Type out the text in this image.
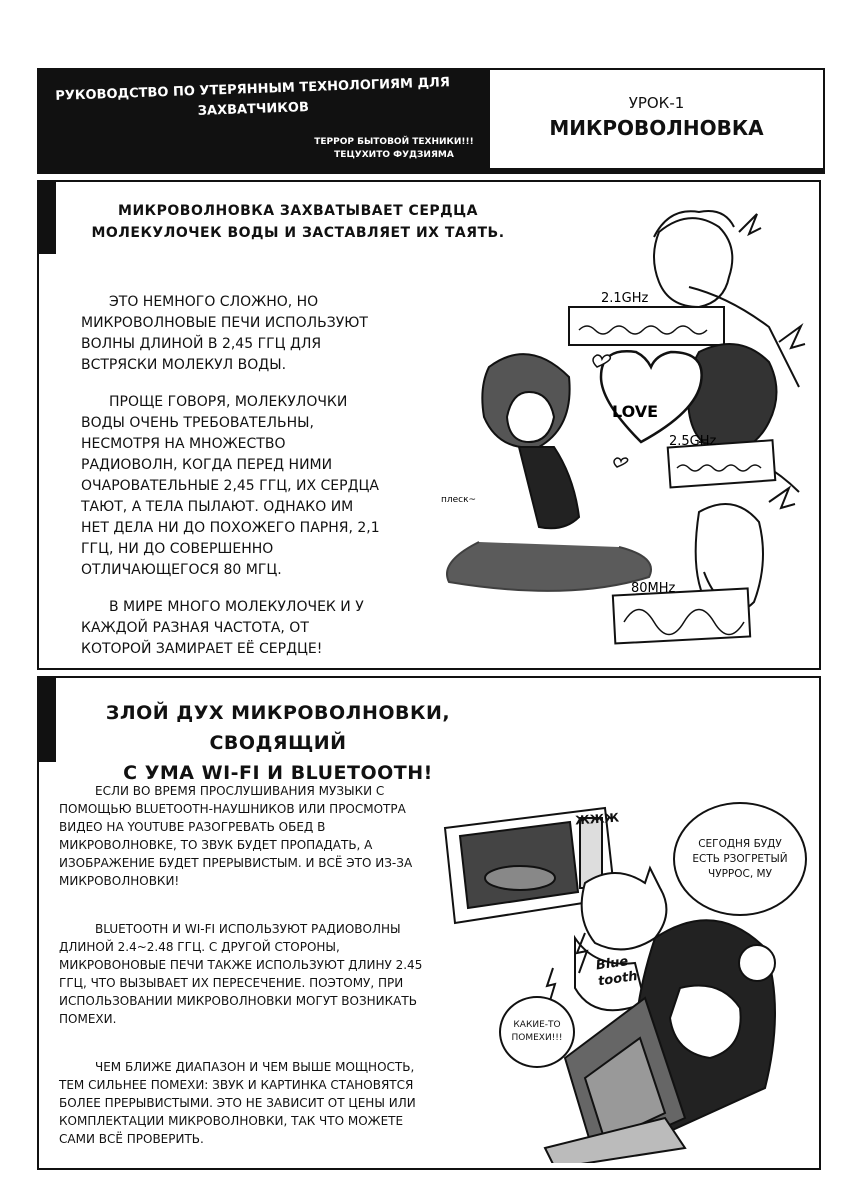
РУКОВОДСТВО ПО УТЕРЯННЫМ ТЕХНОЛОГИЯМ ДЛЯ ЗАХВАТЧИКОВ
ТЕРРОР БЫТОВОЙ ТЕХНИКИ!!!
ТЕЦУХИТО ФУДЗИЯМА
УРОК-1
МИКРОВОЛНОВКА
МИКРОВОЛНОВКА ЗАХВАТЫВАЕТ СЕРДЦА МОЛЕКУЛОЧЕК ВОДЫ И ЗАСТАВЛЯЕТ ИХ ТАЯТЬ.

ЭТО НЕМНОГО СЛОЖНО, НО МИКРОВОЛНОВЫЕ ПЕЧИ ИСПОЛЬЗУЮТ ВОЛНЫ ДЛИНОЙ В 2,45 ГГЦ ДЛЯ ВСТРЯСКИ МОЛЕКУЛ ВОДЫ.

ПРОЩЕ ГОВОРЯ, МОЛЕКУЛОЧКИ ВОДЫ ОЧЕНЬ ТРЕБОВАТЕЛЬНЫ, НЕСМОТРЯ НА МНОЖЕСТВО РАДИОВОЛН, КОГДА ПЕРЕД НИМИ ОЧАРОВАТЕЛЬНЫЕ 2,45 ГГЦ, ИХ СЕРДЦА ТАЮТ, А ТЕЛА ПЫЛАЮТ. ОДНАКО ИМ НЕТ ДЕЛА НИ ДО ПОХОЖЕГО ПАРНЯ, 2,1 ГГЦ, НИ ДО СОВЕРШЕННО ОТЛИЧАЮЩЕГОСЯ 80 МГЦ.

В МИРЕ МНОГО МОЛЕКУЛОЧЕК И У КАЖДОЙ РАЗНАЯ ЧАСТОТА, ОТ КОТОРОЙ ЗАМИРАЕТ ЕЁ СЕРДЦЕ!

2.1GHz
LOVE
2.5GHz
плеск~
80MHz
ЗЛОЙ ДУХ МИКРОВОЛНОВКИ, СВОДЯЩИЙ
С УМА WI-FI И BLUETOOTH!

ЕСЛИ ВО ВРЕМЯ ПРОСЛУШИВАНИЯ МУЗЫКИ С ПОМОЩЬЮ BLUETOOTH-НАУШНИКОВ ИЛИ ПРОСМОТРА ВИДЕО НА YOUTUBE РАЗОГРЕВАТЬ ОБЕД В МИКРОВОЛНОВКЕ, ТО ЗВУК БУДЕТ ПРОПАДАТЬ, А ИЗОБРАЖЕНИЕ БУДЕТ ПРЕРЫВИСТЫМ. И ВСЁ ЭТО ИЗ-ЗА МИКРОВОЛНОВКИ!

BLUETOOTH И WI-FI ИСПОЛЬЗУЮТ РАДИОВОЛНЫ ДЛИНОЙ 2.4~2.48 ГГЦ. С ДРУГОЙ СТОРОНЫ, МИКРОВОНОВЫЕ ПЕЧИ ТАКЖЕ ИСПОЛЬЗУЮТ ДЛИНУ 2.45 ГГЦ, ЧТО ВЫЗЫВАЕТ ИХ ПЕРЕСЕЧЕНИЕ. ПОЭТОМУ, ПРИ ИСПОЛЬЗОВАНИИ МИКРОВОЛНОВКИ МОГУТ ВОЗНИКАТЬ ПОМЕХИ.

ЧЕМ БЛИЖЕ ДИАПАЗОН И ЧЕМ ВЫШЕ МОЩНОСТЬ, ТЕМ СИЛЬНЕЕ ПОМЕХИ: ЗВУК И КАРТИНКА СТАНОВЯТСЯ БОЛЕЕ ПРЕРЫВИСТЫМИ. ЭТО НЕ ЗАВИСИТ ОТ ЦЕНЫ ИЛИ КОМПЛЕКТАЦИИ МИКРОВОЛНОВКИ, ТАК ЧТО МОЖЕТЕ САМИ ВСЁ ПРОВЕРИТЬ.

ЖЖЖ
Blue tooth
СЕГОДНЯ БУДУ ЕСТЬ РЗОГРЕТЫЙ ЧУРРОС, МУ
КАКИЕ-ТО ПОМЕХИ!!!
